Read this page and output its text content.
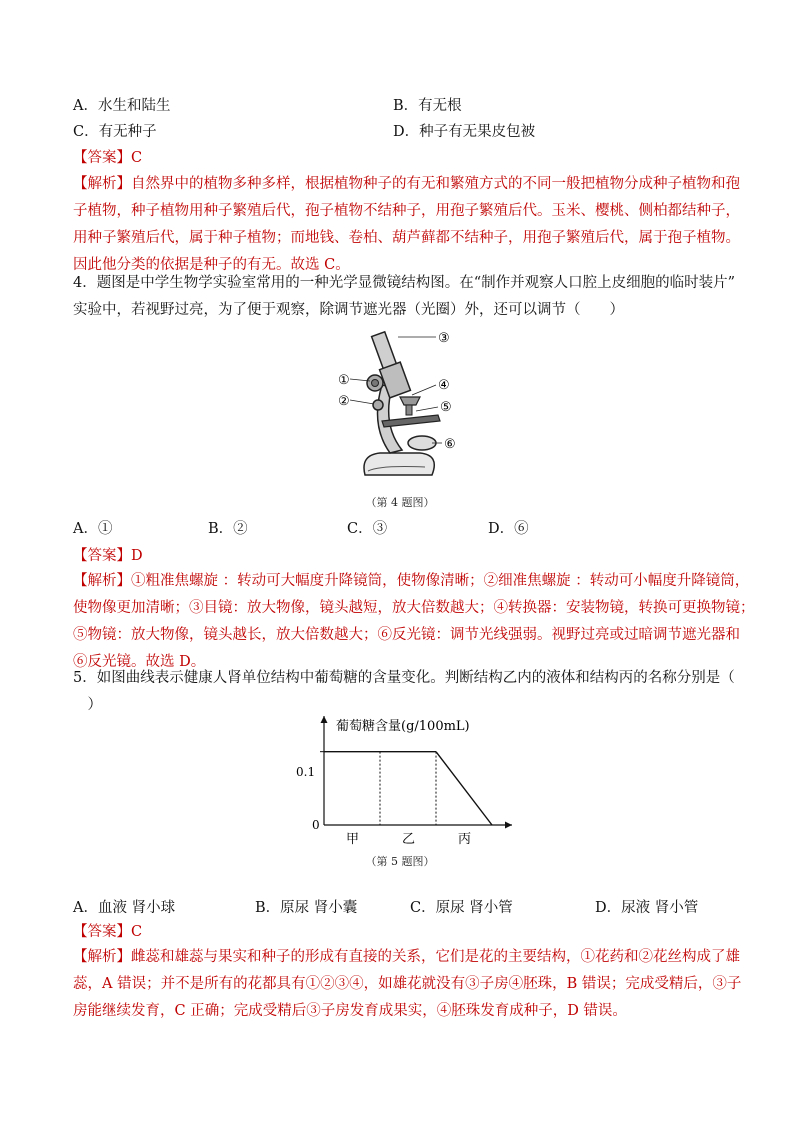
A．水生和陆生	B．有无根
C．有无种子	D．种子有无果皮包被
【答案】C
【解析】自然界中的植物多种多样，根据植物种子的有无和繁殖方式的不同一般把植物分成种子植物和孢
子植物，种子植物用种子繁殖后代，孢子植物不结种子，用孢子繁殖后代。玉米、樱桃、侧柏都结种子，
用种子繁殖后代，属于种子植物；而地钱、卷柏、葫芦藓都不结种子，用孢子繁殖后代，属于孢子植物。
因此他分类的依据是种子的有无。故选 C。
4．题图是中学生物学实验室常用的一种光学显微镜结构图。在“制作并观察人口腔上皮细胞的临时装片”
实验中，若视野过亮，为了便于观察，除调节遮光器（光圈）外，还可以调节（　　）
①
②
③
④
⑤
⑥
（第 4 题图）
A．①	B．②	C．③	D．⑥
【答案】D
【解析】①粗准焦螺旋 ：转动可大幅度升降镜筒，使物像清晰；②细准焦螺旋 ：转动可小幅度升降镜筒，
使物像更加清晰；③目镜：放大物像，镜头越短，放大倍数越大；④转换器：安装物镜，转换可更换物镜；
⑤物镜：放大物像，镜头越长，放大倍数越大；⑥反光镜：调节光线强弱。视野过亮或过暗调节遮光器和
⑥反光镜。故选 D。
5．如图曲线表示健康人肾单位结构中葡萄糖的含量变化。判断结构乙内的液体和结构丙的名称分别是（
　）
葡萄糖含量(g/100mL)
0.1
0
甲	乙	丙
（第 5 题图）
A．血液 肾小球	B．原尿 肾小囊	C．原尿 肾小管	D．尿液 肾小管
【答案】C
【解析】雌蕊和雄蕊与果实和种子的形成有直接的关系，它们是花的主要结构，①花药和②花丝构成了雄
蕊，A 错误；并不是所有的花都具有①②③④，如雄花就没有③子房④胚珠，B 错误；完成受精后，③子
房能继续发育，C 正确；完成受精后③子房发育成果实，④胚珠发育成种子，D 错误。
